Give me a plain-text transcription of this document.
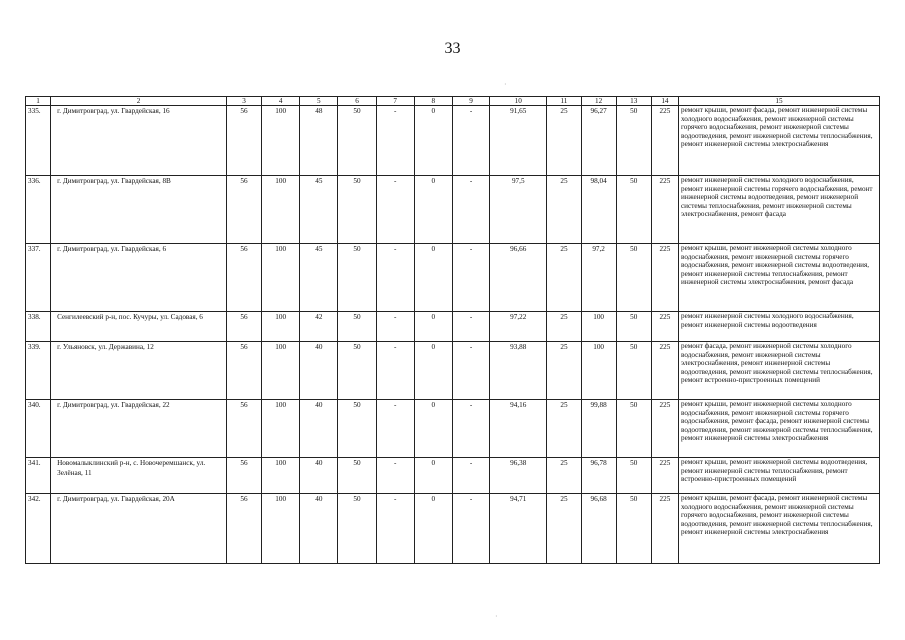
33
1	2	3	4	5	6	7	8	9	10	11	12	13	14	15
335.	г. Димитровград, ул. Гвардейская, 16	56	100	48	50	-	0	-	91,65	25	96,27	50	225	ремонт крыши, ремонт фасада, ремонт инженерной системы холодного водоснабжения, ремонт инженерной системы горячего водоснабжения, ремонт инженерной системы водоотведения, ремонт инженерной системы теплоснабжения, ремонт инженерной системы электроснабжения
336.	г. Димитровград, ул. Гвардейская, 8В	56	100	45	50	-	0	-	97,5	25	98,04	50	225	ремонт инженерной системы холодного водоснабжения, ремонт инженерной системы горячего водоснабжения, ремонт инженерной системы водоотведения, ремонт инженерной системы теплоснабжения, ремонт инженерной системы электроснабжения, ремонт фасада
337.	г. Димитровград, ул. Гвардейская, 6	56	100	45	50	-	0	-	96,66	25	97,2	50	225	ремонт крыши, ремонт инженерной системы холодного водоснабжения, ремонт инженерной системы горячего водоснабжения, ремонт инженерной системы водоотведения, ремонт инженерной системы теплоснабжения, ремонт инженерной системы электроснабжения, ремонт фасада
338.	Сенгилеевский р-н, пос. Кучуры, ул. Садовая, 6	56	100	42	50	-	0	-	97,22	25	100	50	225	ремонт инженерной системы холодного водоснабжения, ремонт инженерной системы водоотведения
339.	г. Ульяновск, ул. Державина, 12	56	100	40	50	-	0	-	93,88	25	100	50	225	ремонт фасада, ремонт инженерной системы холодного водоснабжения, ремонт инженерной системы электроснабжения, ремонт инженерной системы водоотведения, ремонт инженерной системы теплоснабжения, ремонт встроенно-пристроенных помещений
340.	г. Димитровград, ул. Гвардейская, 22	56	100	40	50	-	0	-	94,16	25	99,88	50	225	ремонт крыши, ремонт инженерной системы холодного водоснабжения, ремонт инженерной системы горячего водоснабжения, ремонт фасада, ремонт инженерной системы водоотведения, ремонт инженерной системы теплоснабжения, ремонт инженерной системы электроснабжения
341.	Новомалыклинский р-н, с. Новочеремшанск, ул. Зелёная, 11	56	100	40	50	-	0	-	96,38	25	96,78	50	225	ремонт крыши, ремонт инженерной системы водоотведения, ремонт инженерной системы теплоснабжения, ремонт встроенно-пристроенных помещений
342.	г. Димитровград, ул. Гвардейская, 20А	56	100	40	50	-	0	-	94,71	25	96,68	50	225	ремонт крыши, ремонт фасада, ремонт инженерной системы холодного водоснабжения, ремонт инженерной системы горячего водоснабжения, ремонт инженерной системы водоотведения, ремонт инженерной системы теплоснабжения, ремонт инженерной системы электроснабжения
·
·
